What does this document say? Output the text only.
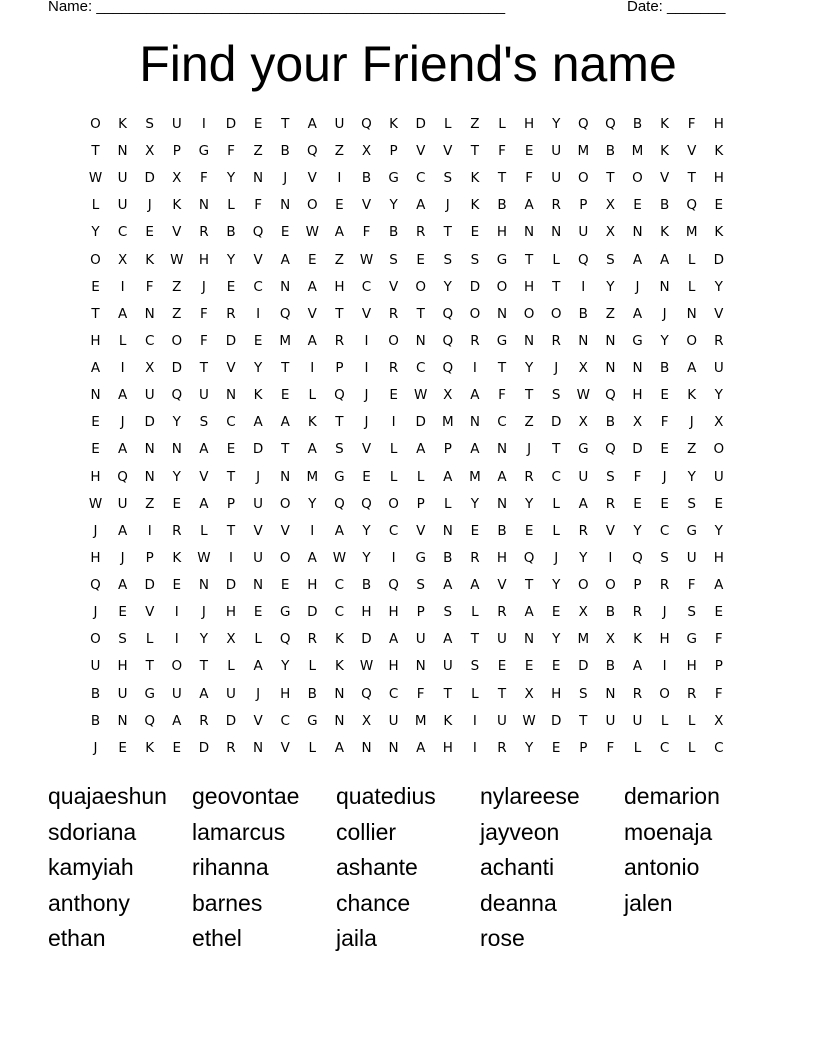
Name: _________________________________________________	Date: _______
Find your Friend's name
O	K	S	U	I	D	E	T	A	U	Q	K	D	L	Z	L	H	Y	Q	Q	B	K	F	H
T	N	X	P	G	F	Z	B	Q	Z	X	P	V	V	T	F	E	U	M	B	M	K	V	K
W	U	D	X	F	Y	N	J	V	I	B	G	C	S	K	T	F	U	O	T	O	V	T	H
L	U	J	K	N	L	F	N	O	E	V	Y	A	J	K	B	A	R	P	X	E	B	Q	E
Y	C	E	V	R	B	Q	E	W	A	F	B	R	T	E	H	N	N	U	X	N	K	M	K
O	X	K	W	H	Y	V	A	E	Z	W	S	E	S	S	G	T	L	Q	S	A	A	L	D
E	I	F	Z	J	E	C	N	A	H	C	V	O	Y	D	O	H	T	I	Y	J	N	L	Y
T	A	N	Z	F	R	I	Q	V	T	V	R	T	Q	O	N	O	O	B	Z	A	J	N	V
H	L	C	O	F	D	E	M	A	R	I	O	N	Q	R	G	N	R	N	N	G	Y	O	R
A	I	X	D	T	V	Y	T	I	P	I	R	C	Q	I	T	Y	J	X	N	N	B	A	U
N	A	U	Q	U	N	K	E	L	Q	J	E	W	X	A	F	T	S	W	Q	H	E	K	Y
E	J	D	Y	S	C	A	A	K	T	J	I	D	M	N	C	Z	D	X	B	X	F	J	X
E	A	N	N	A	E	D	T	A	S	V	L	A	P	A	N	J	T	G	Q	D	E	Z	O
H	Q	N	Y	V	T	J	N	M	G	E	L	L	A	M	A	R	C	U	S	F	J	Y	U
W	U	Z	E	A	P	U	O	Y	Q	Q	O	P	L	Y	N	Y	L	A	R	E	E	S	E
J	A	I	R	L	T	V	V	I	A	Y	C	V	N	E	B	E	L	R	V	Y	C	G	Y
H	J	P	K	W	I	U	O	A	W	Y	I	G	B	R	H	Q	J	Y	I	Q	S	U	H
Q	A	D	E	N	D	N	E	H	C	B	Q	S	A	A	V	T	Y	O	O	P	R	F	A
J	E	V	I	J	H	E	G	D	C	H	H	P	S	L	R	A	E	X	B	R	J	S	E
O	S	L	I	Y	X	L	Q	R	K	D	A	U	A	T	U	N	Y	M	X	K	H	G	F
U	H	T	O	T	L	A	Y	L	K	W	H	N	U	S	E	E	E	D	B	A	I	H	P
B	U	G	U	A	U	J	H	B	N	Q	C	F	T	L	T	X	H	S	N	R	O	R	F
B	N	Q	A	R	D	V	C	G	N	X	U	M	K	I	U	W	D	T	U	U	L	L	X
J	E	K	E	D	R	N	V	L	A	N	N	A	H	I	R	Y	E	P	F	L	C	L	C
quajaeshun geovontae quatedius nylareese demarion
sdoriana lamarcus collier	jayveon	moenaja
kamyiah	rihanna	ashante	achanti	antonio
anthony	barnes	chance	deanna	jalen
ethan	ethel	jaila	rose
